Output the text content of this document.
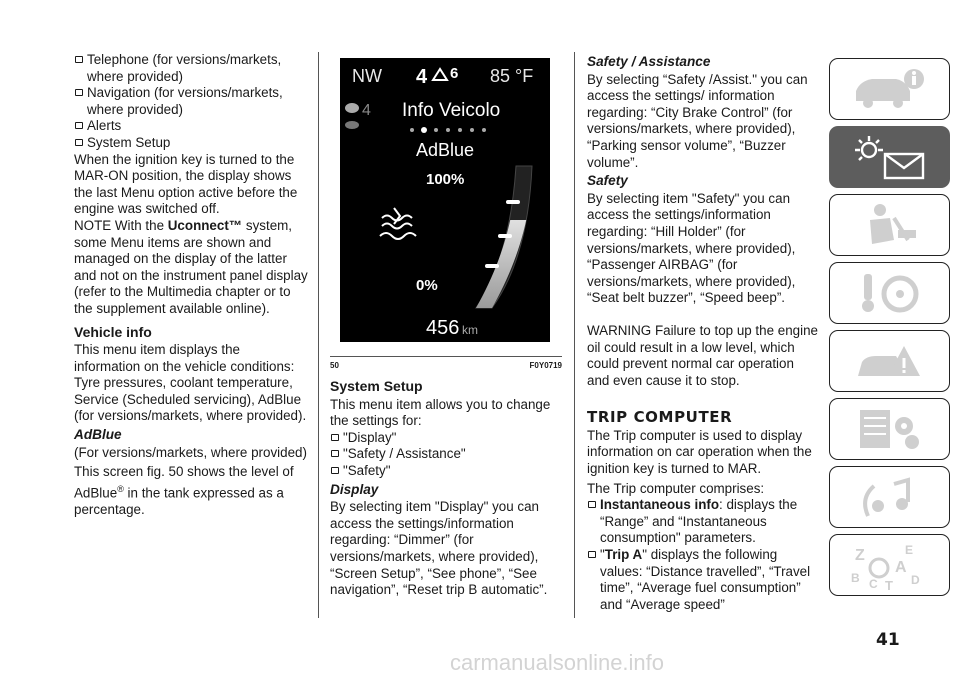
Telephone (for versions/markets, where provided)
Navigation (for versions/markets, where provided)
Alerts
System Setup

When the ignition key is turned to the MAR-ON position, the display shows the last Menu option active before the engine was switched off.

NOTE With the Uconnect™ system, some Menu items are shown and managed on the display of the latter and not on the instrument panel display (refer to the Multimedia chapter or to the supplement available online).

Vehicle info

This menu item displays the information on the vehicle conditions: Tyre pressures, coolant temperature, Service (Scheduled servicing), AdBlue (for versions/markets, where provided).

AdBlue

(For versions/markets, where provided)

This screen fig. 50 shows the level of AdBlue® in the tank expressed as a percentage.

NW 4 6 85 °F
4 Info Veicolo
AdBlue
100%
0%
456 km
50	F0Y0719
System Setup

This menu item allows you to change the settings for:

"Display"
"Safety / Assistance"
"Safety"
Display

By selecting item "Display" you can access the settings/information regarding: “Dimmer” (for versions/markets, where provided), “Screen Setup”, “See phone”, “See navigation”, “Reset trip B automatic”.

Safety / Assistance

By selecting “Safety /Assist." you can access the settings/ information regarding: “City Brake Control” (for versions/markets, where provided), “Parking sensor volume”, “Buzzer volume”.

Safety

By selecting item "Safety" you can access the settings/information regarding: “Hill Holder” (for versions/markets, where provided), “Passenger AIRBAG” (for versions/markets, where provided), “Seat belt buzzer”, “Speed beep”.

WARNING Failure to top up the engine oil could result in a low level, which could prevent normal car operation and even cause it to stop.

TRIP COMPUTER

The Trip computer is used to display information on car operation when the ignition key is turned to MAR.

The Trip computer comprises:

Instantaneous info: displays the “Range” and “Instantaneous consumption" parameters.
"Trip A" displays the following values: “Distance travelled”, “Travel time”, “Average fuel consumption” and “Average speed”
Z	E
A
B C T D
41
carmanualsonline.info
